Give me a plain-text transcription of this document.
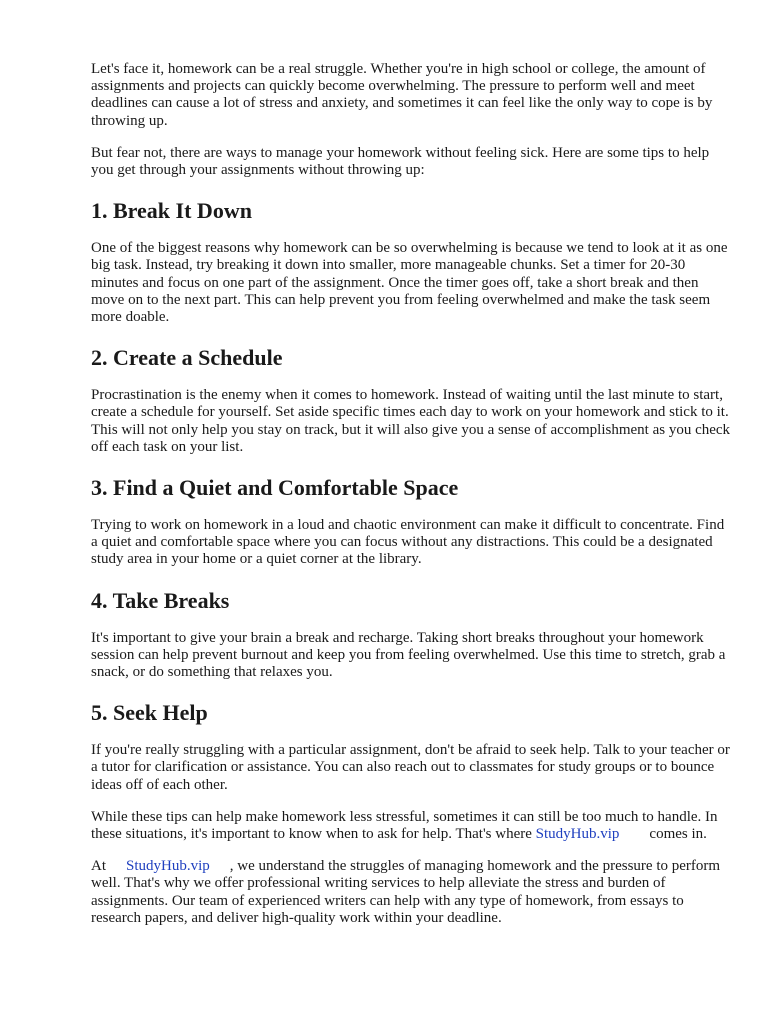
Let's face it, homework can be a real struggle. Whether you're in high school or college, the amount of assignments and projects can quickly become overwhelming. The pressure to perform well and meet deadlines can cause a lot of stress and anxiety, and sometimes it can feel like the only way to cope is by throwing up.

But fear not, there are ways to manage your homework without feeling sick. Here are some tips to help you get through your assignments without throwing up:

1. Break It Down

One of the biggest reasons why homework can be so overwhelming is because we tend to look at it as one big task. Instead, try breaking it down into smaller, more manageable chunks. Set a timer for 20-30 minutes and focus on one part of the assignment. Once the timer goes off, take a short break and then move on to the next part. This can help prevent you from feeling overwhelmed and make the task seem more doable.

2. Create a Schedule

Procrastination is the enemy when it comes to homework. Instead of waiting until the last minute to start, create a schedule for yourself. Set aside specific times each day to work on your homework and stick to it. This will not only help you stay on track, but it will also give you a sense of accomplishment as you check off each task on your list.

3. Find a Quiet and Comfortable Space

Trying to work on homework in a loud and chaotic environment can make it difficult to concentrate. Find a quiet and comfortable space where you can focus without any distractions. This could be a designated study area in your home or a quiet corner at the library.

4. Take Breaks

It's important to give your brain a break and recharge. Taking short breaks throughout your homework session can help prevent burnout and keep you from feeling overwhelmed. Use this time to stretch, grab a snack, or do something that relaxes you.

5. Seek Help

If you're really struggling with a particular assignment, don't be afraid to seek help. Talk to your teacher or a tutor for clarification or assistance. You can also reach out to classmates for study groups or to bounce ideas off of each other.

While these tips can help make homework less stressful, sometimes it can still be too much to handle. In these situations, it's important to know when to ask for help. That's where StudyHub.vip comes in.

At StudyHub.vip , we understand the struggles of managing homework and the pressure to perform well. That's why we offer professional writing services to help alleviate the stress and burden of assignments. Our team of experienced writers can help with any type of homework, from essays to research papers, and deliver high-quality work within your deadline.
